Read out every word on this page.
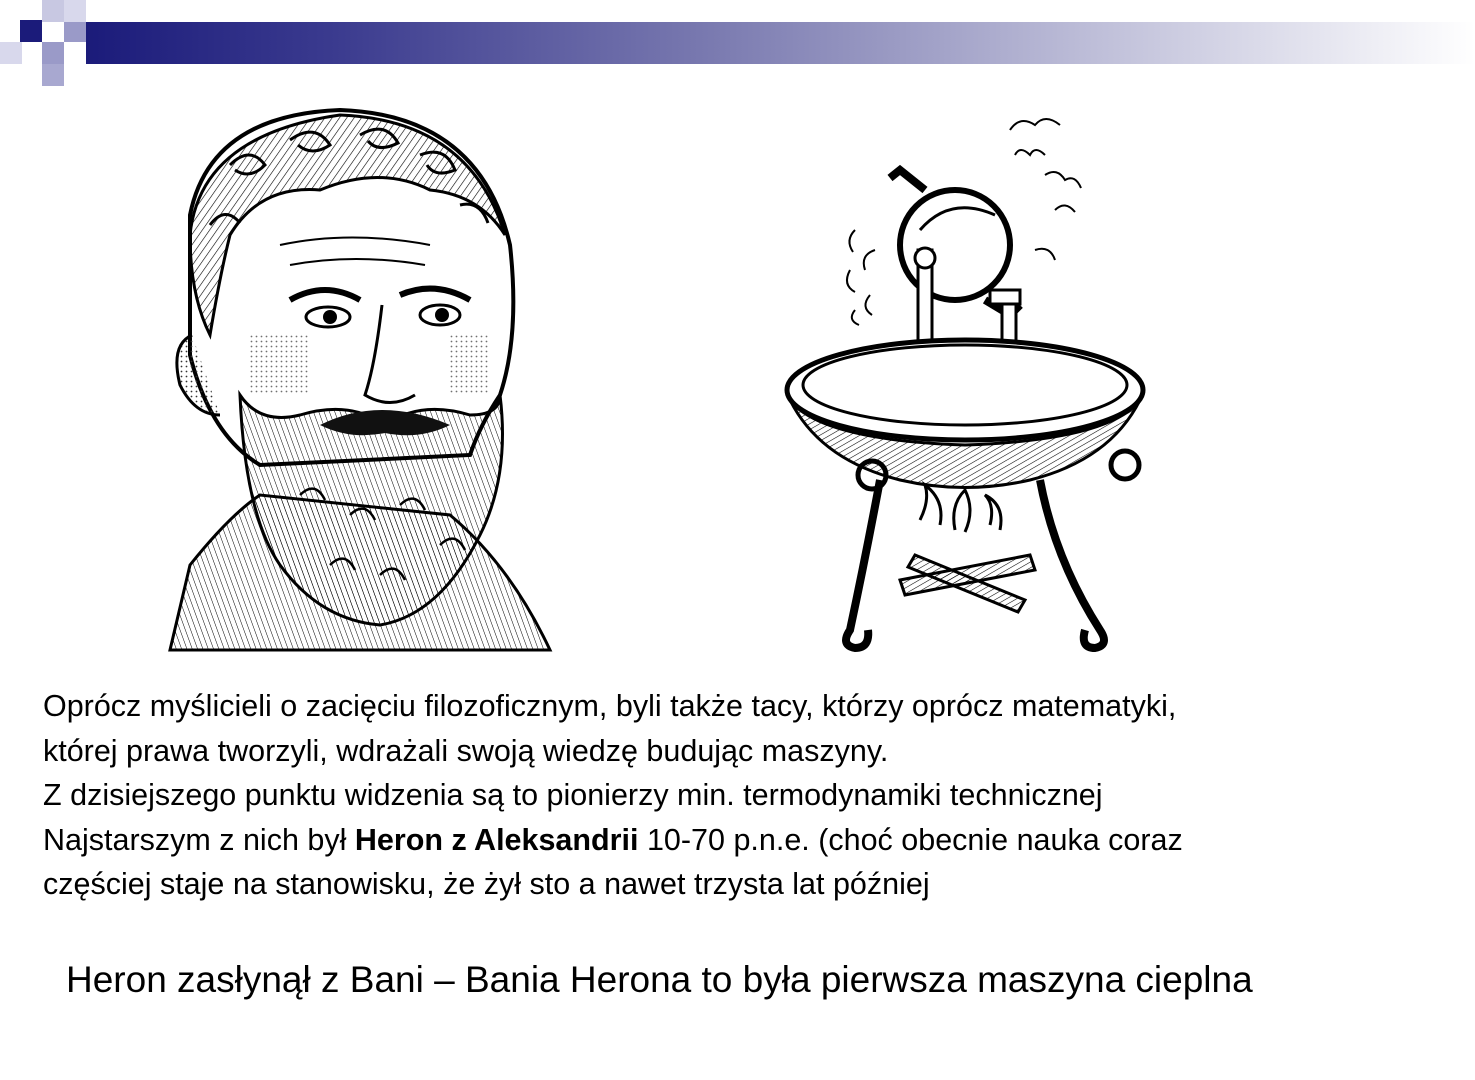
Oprócz myślicieli o zacięciu filozoficznym, byli także tacy, którzy oprócz matematyki,

której prawa tworzyli, wdrażali swoją wiedzę budując maszyny.

Z dzisiejszego punktu widzenia są to pionierzy min. termodynamiki technicznej

Najstarszym z nich był Heron z Aleksandrii 10-70 p.n.e. (choć obecnie nauka coraz

częściej staje na stanowisku, że żył sto a nawet trzysta lat później

Heron zasłynął z Bani – Bania Herona to była pierwsza maszyna cieplna
